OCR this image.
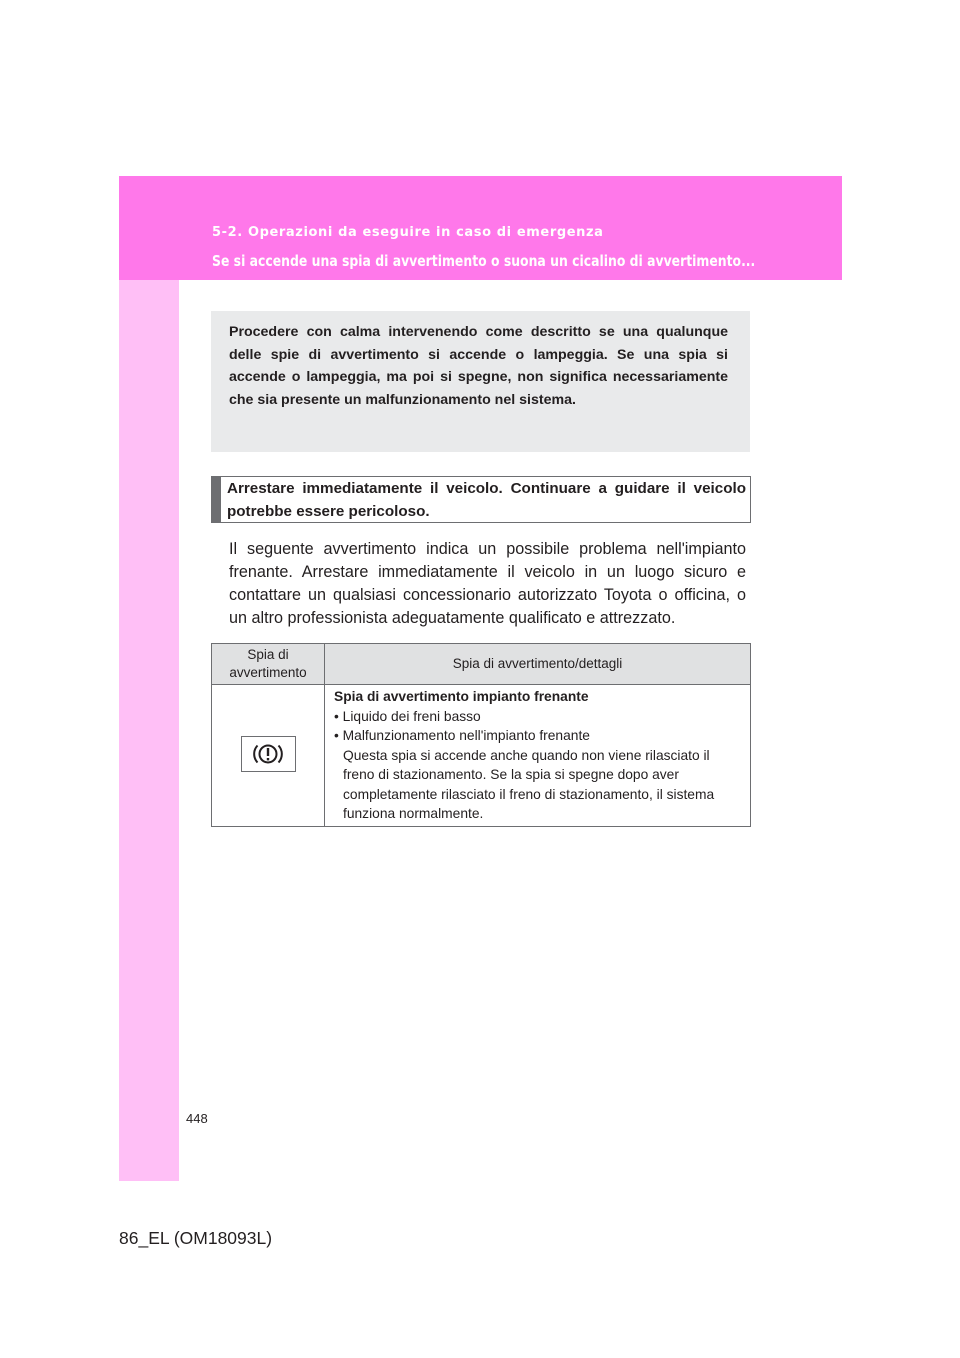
5-2. Operazioni da eseguire in caso di emergenza
Se si accende una spia di avvertimento o suona un cicalino di avvertimento...

Procedere con calma intervenendo come descritto se una qualunque delle spie di avvertimento si accende o lampeggia. Se una spia si accende o lampeggia, ma poi si spegne, non significa necessariamente che sia presente un malfunzionamento nel sistema.

Arrestare immediatamente il veicolo. Continuare a guidare il veicolo potrebbe essere pericoloso.

Il seguente avvertimento indica un possibile problema nell'impianto frenante. Arrestare immediatamente il veicolo in un luogo sicuro e contattare un qualsiasi concessionario autorizzato Toyota o officina, o un altro professionista adeguatamente qualificato e attrezzato.

Spia di avvertimento	Spia di avvertimento/dettagli

Spia di avvertimento impianto frenante
• Liquido dei freni basso
• Malfunzionamento nell'impianto frenante
Questa spia si accende anche quando non viene rilasciato il freno di stazionamento. Se la spia si spegne dopo aver completamente rilasciato il freno di stazionamento, il sistema funziona normalmente.
448
86_EL (OM18093L)
